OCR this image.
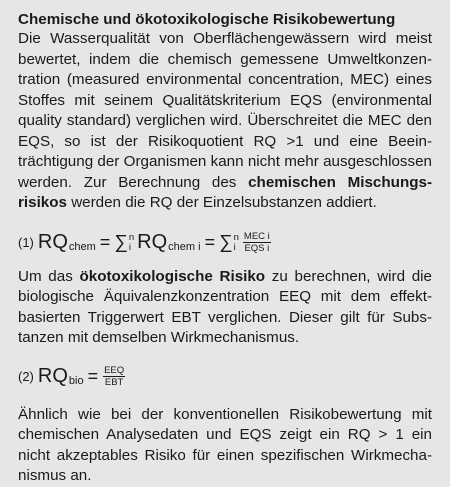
Chemische und ökotoxikologische Risikobewertung

Die Wasserqualität von Oberflächengewässern wird meist bewertet, indem die chemisch gemessene Umweltkonzentration (measured environmental concentration, MEC) eines Stoffes mit seinem Qualitätskriterium EQS (environmental quality standard) verglichen wird. Überschreitet die MEC den EQS, so ist der Risikoquotient RQ >1 und eine Beeinträchtigung der Organismen kann nicht mehr ausgeschlossen werden. Zur Berechnung des chemischen Mischungsrisikos werden die RQ der Einzelsubstanzen addiert.

(1) RQ chem = ∑ n
i RQ chem i = ∑ n
i $\frac{\text{MEC i}}{\text{EQS i}}$

Um das ökotoxikologische Risiko zu berechnen, wird die biologische Äquivalenzkonzentration EEQ mit dem effektbasierten Triggerwert EBT verglichen. Dieser gilt für Substanzen mit demselben Wirkmechanismus.

(2) RQ bio = $\frac{\text{EEQ}}{\text{EBT}}$

Ähnlich wie bei der konventionellen Risikobewertung mit chemischen Analysedaten und EQS zeigt ein RQ > 1 ein nicht akzeptables Risiko für einen spezifischen Wirkmechanismus an.
